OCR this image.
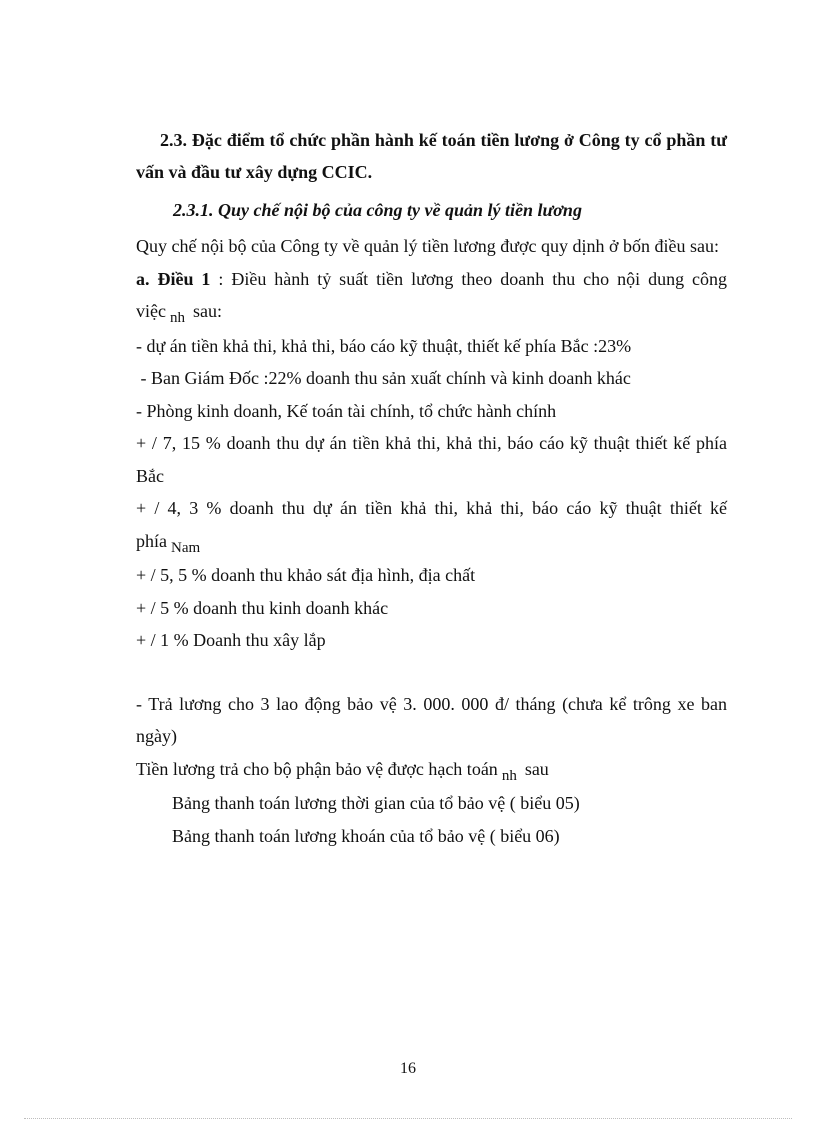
2.3. Đặc điểm tổ chức phần hành kế toán tiền lương ở Công ty cổ phần tư vấn và đầu tư xây dựng CCIC.

2.3.1. Quy chế nội bộ của công ty về quản lý tiền lương

Quy chế nội bộ của Công ty về quản lý tiền lương được quy dịnh ở bốn điều sau:

a. Điều 1 : Điều hành tỷ suất tiền lương theo doanh thu cho nội dung công việc $_{nh}$ sau:

- dự án tiền khả thi, khả thi, báo cáo kỹ thuật, thiết kế phía Bắc :23%

- Ban Giám Đốc :22% doanh thu sản xuất chính và kinh doanh khác

- Phòng kinh doanh, Kế toán tài chính, tổ chức hành chính

+ / 7, 15 % doanh thu dự án tiền khả thi, khả thi, báo cáo kỹ thuật thiết kế phía Bắc

+ / 4, 3 % doanh thu dự án tiền khả thi, khả thi, báo cáo kỹ thuật thiết kế phía $_{Nam}$

+ / 5, 5 % doanh thu khảo sát địa hình, địa chất

+ / 5 % doanh thu kinh doanh khác

+ / 1 % Doanh thu xây lắp

- Trả lương cho 3 lao động bảo vệ 3. 000. 000 đ/ tháng (chưa kể trông xe ban ngày)

Tiền lương trả cho bộ phận bảo vệ được hạch toán $_{nh}$ sau

Bảng thanh toán lương thời gian của tổ bảo vệ ( biểu 05)

Bảng thanh toán lương khoán của tổ bảo vệ ( biểu 06)

16
